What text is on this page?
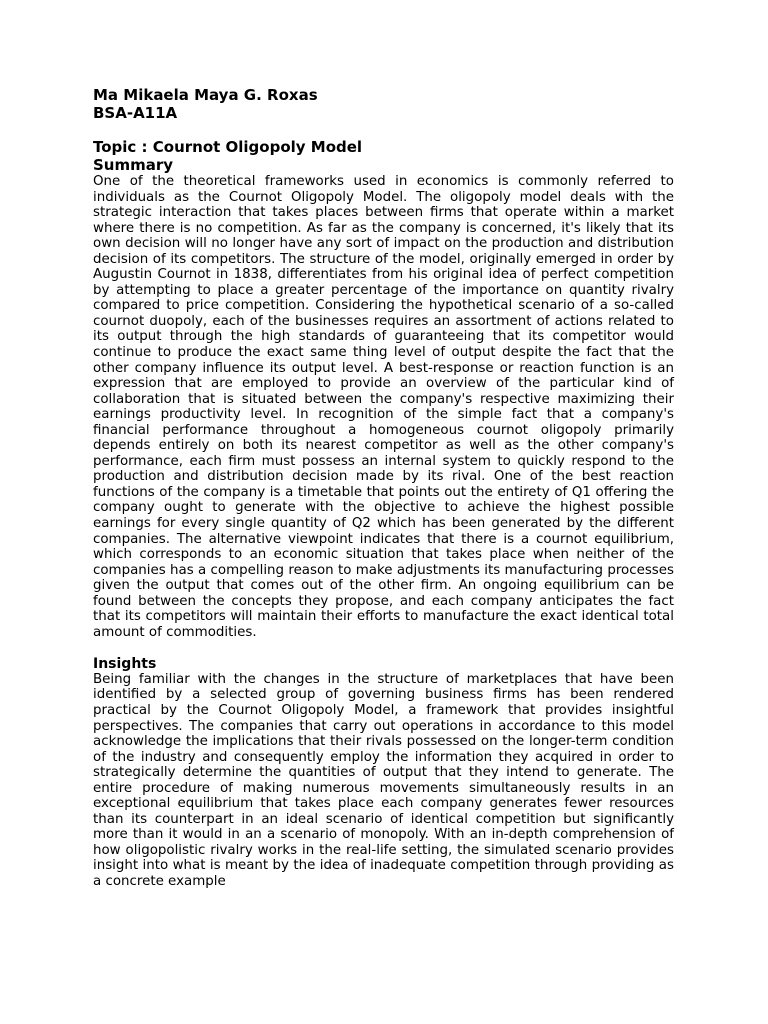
Ma Mikaela Maya G. Roxas

BSA-A11A

Topic : Cournot Oligopoly Model

Summary

One of the theoretical frameworks used in economics is commonly referred to individuals as the Cournot Oligopoly Model. The oligopoly model deals with the strategic interaction that takes places between firms that operate within a market where there is no competition. As far as the company is concerned, it's likely that its own decision will no longer have any sort of impact on the production and distribution decision of its competitors. The structure of the model, originally emerged in order by Augustin Cournot in 1838, differentiates from his original idea of perfect competition by attempting to place a greater percentage of the importance on quantity rivalry compared to price competition. Considering the hypothetical scenario of a so-called cournot duopoly, each of the businesses requires an assortment of actions related to its output through the high standards of guaranteeing that its competitor would continue to produce the exact same thing level of output despite the fact that the other company influence its output level. A best-response or reaction function is an expression that are employed to provide an overview of the particular kind of collaboration that is situated between the company's respective maximizing their earnings productivity level. In recognition of the simple fact that a company's financial performance throughout a homogeneous cournot oligopoly primarily depends entirely on both its nearest competitor as well as the other company's performance, each firm must possess an internal system to quickly respond to the production and distribution decision made by its rival. One of the best reaction functions of the company is a timetable that points out the entirety of Q1 offering the company ought to generate with the objective to achieve the highest possible earnings for every single quantity of Q2 which has been generated by the different companies. The alternative viewpoint indicates that there is a cournot equilibrium, which corresponds to an economic situation that takes place when neither of the companies has a compelling reason to make adjustments its manufacturing processes given the output that comes out of the other firm. An ongoing equilibrium can be found between the concepts they propose, and each company anticipates the fact that its competitors will maintain their efforts to manufacture the exact identical total amount of commodities.

Insights

Being familiar with the changes in the structure of marketplaces that have been identified by a selected group of governing business firms has been rendered practical by the Cournot Oligopoly Model, a framework that provides insightful perspectives. The companies that carry out operations in accordance to this model acknowledge the implications that their rivals possessed on the longer-term condition of the industry and consequently employ the information they acquired in order to strategically determine the quantities of output that they intend to generate. The entire procedure of making numerous movements simultaneously results in an exceptional equilibrium that takes place each company generates fewer resources than its counterpart in an ideal scenario of identical competition but significantly more than it would in an a scenario of monopoly. With an in-depth comprehension of how oligopolistic rivalry works in the real-life setting, the simulated scenario provides insight into what is meant by the idea of inadequate competition through providing as a concrete example
